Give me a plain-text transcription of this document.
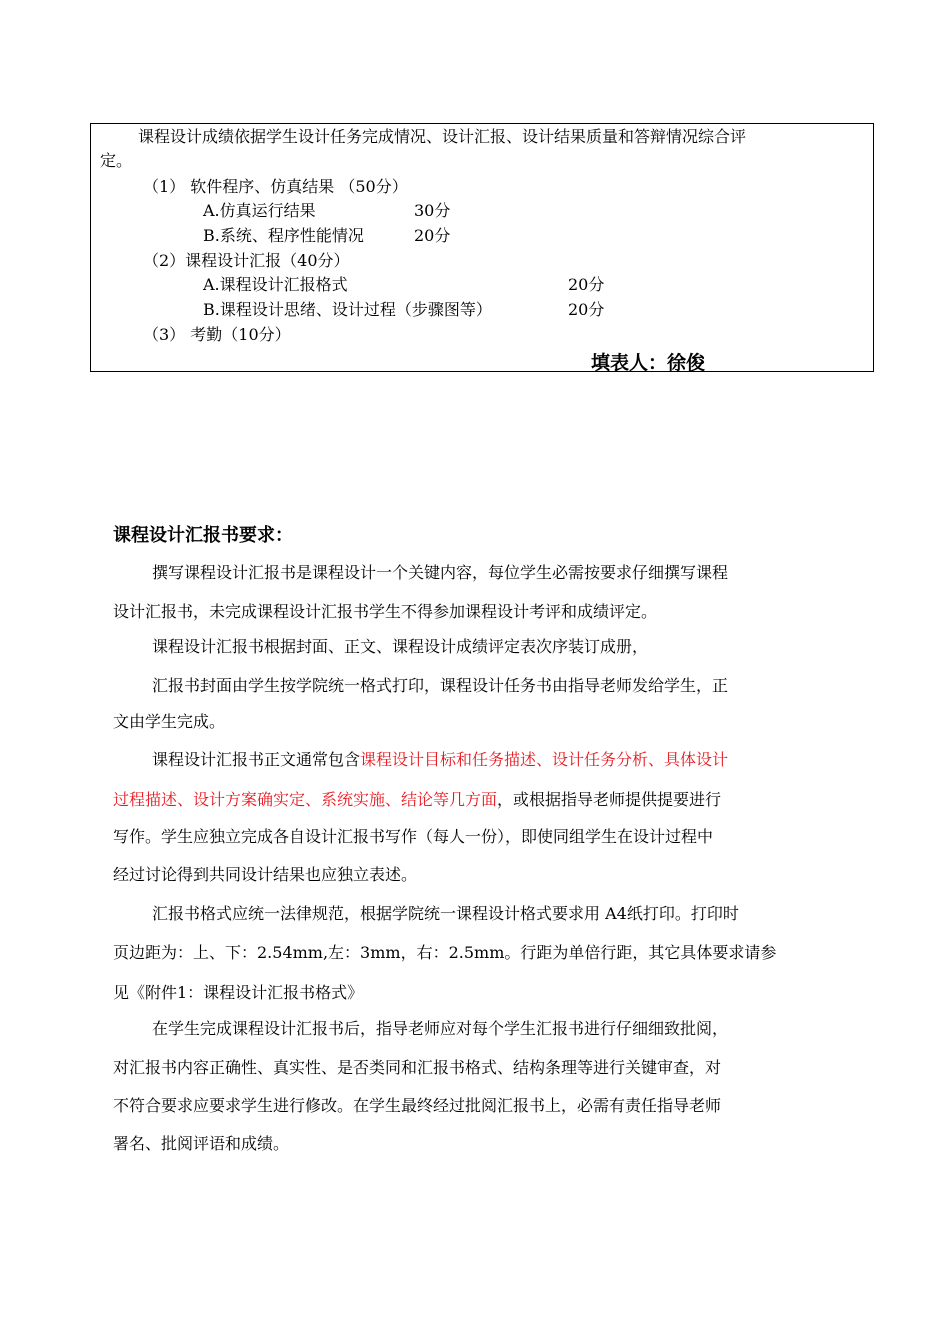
课程设计成绩依据学生设计任务完成情况、设计汇报、设计结果质量和答辩情况综合评
定。
（1） 软件程序、仿真结果 （50分）
A.仿真运行结果	30分
B.系统、程序性能情况	20分
（2）课程设计汇报（40分）
A.课程设计汇报格式	20分
B.课程设计思绪、设计过程（步骤图等）	20分
（3） 考勤（10分）
填表人：徐俊
课程设计汇报书要求：
撰写课程设计汇报书是课程设计一个关键内容，每位学生必需按要求仔细撰写课程
设计汇报书，未完成课程设计汇报书学生不得参加课程设计考评和成绩评定。
课程设计汇报书根据封面、正文、课程设计成绩评定表次序装订成册，
汇报书封面由学生按学院统一格式打印，课程设计任务书由指导老师发给学生，正
文由学生完成。
课程设计汇报书正文通常包含课程设计目标和任务描述、设计任务分析、具体设计
过程描述、设计方案确实定、系统实施、结论等几方面，或根据指导老师提供提要进行
写作。学生应独立完成各自设计汇报书写作（每人一份），即使同组学生在设计过程中
经过讨论得到共同设计结果也应独立表述。
汇报书格式应统一法律规范，根据学院统一课程设计格式要求用 A4纸打印。打印时
页边距为：上、下：2.54mm,左：3mm，右：2.5mm。行距为单倍行距，其它具体要求请参
见《附件1：课程设计汇报书格式》
在学生完成课程设计汇报书后，指导老师应对每个学生汇报书进行仔细细致批阅，
对汇报书内容正确性、真实性、是否类同和汇报书格式、结构条理等进行关键审查，对
不符合要求应要求学生进行修改。在学生最终经过批阅汇报书上，必需有责任指导老师
署名、批阅评语和成绩。
